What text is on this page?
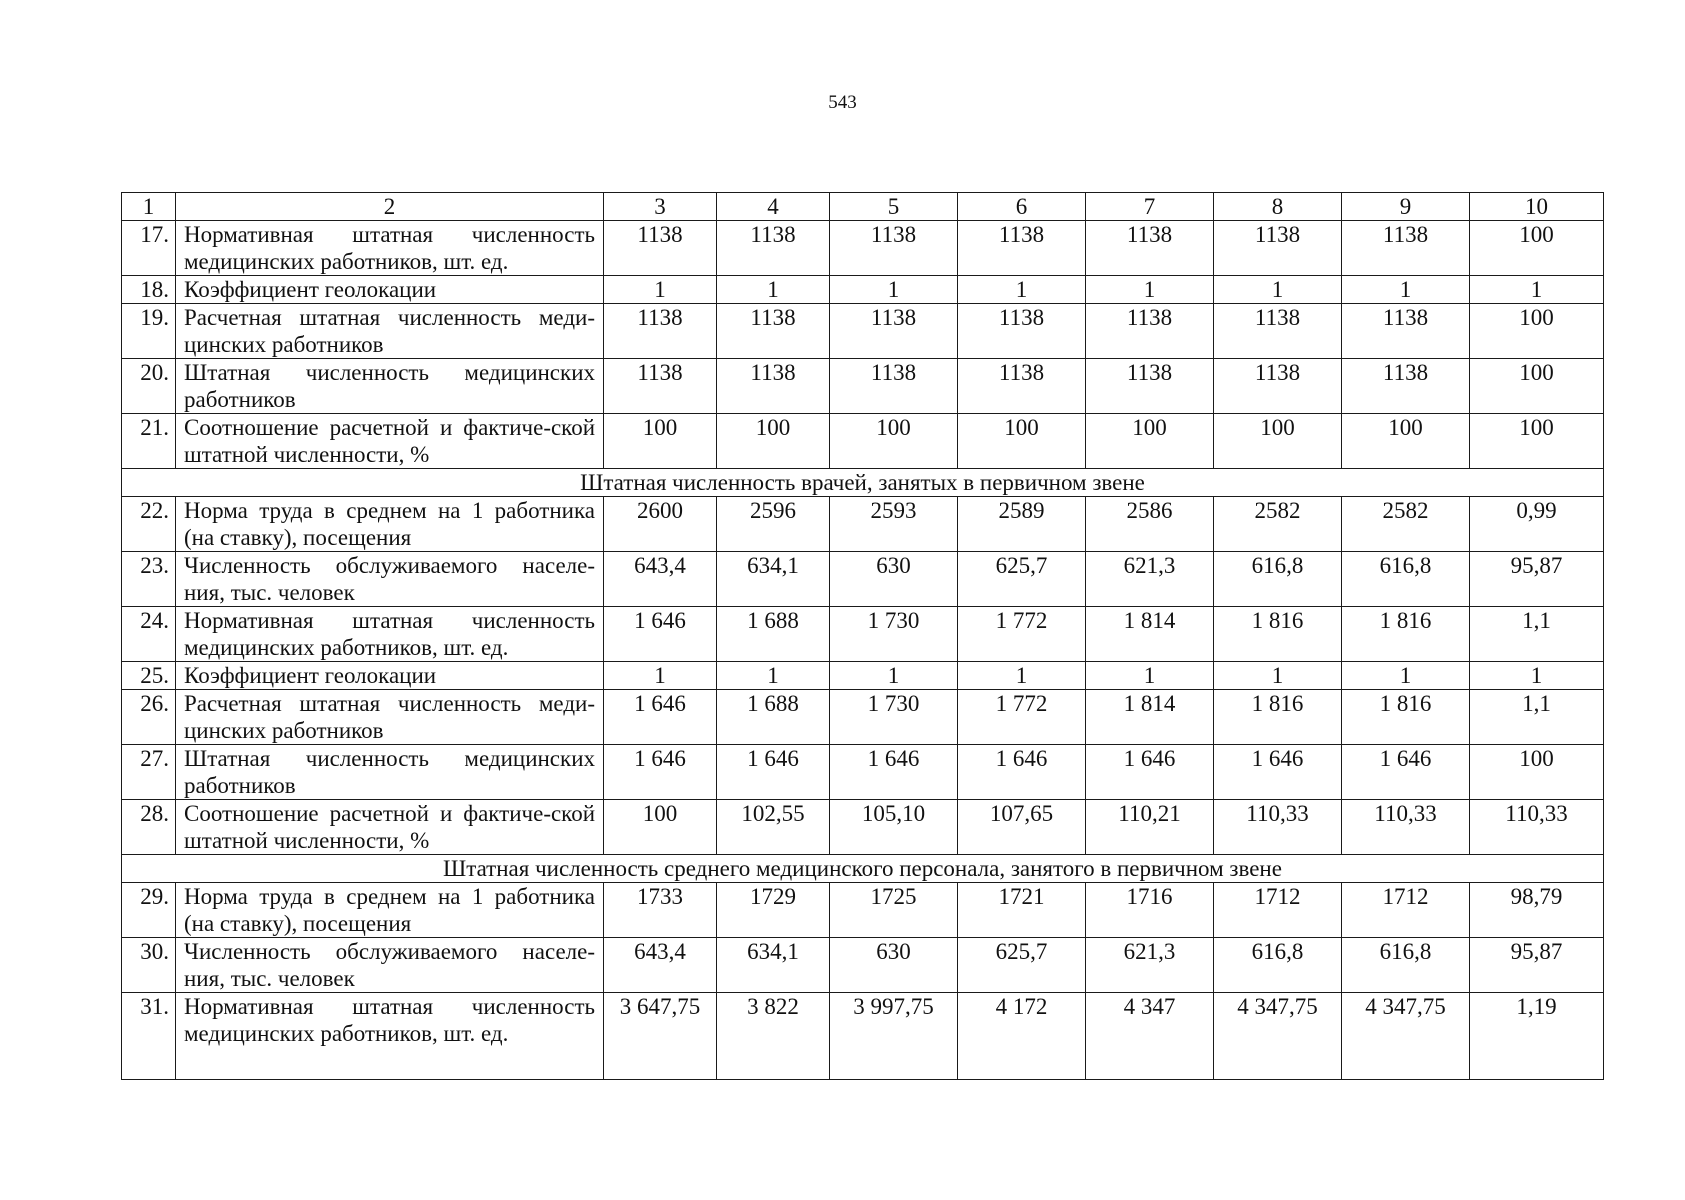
543
1	2	3	4	5	6	7	8	9	10
17.	Нормативная штатная численность медицинских работников, шт. ед.	1138	1138	1138	1138	1138	1138	1138	100
18.	Коэффициент геолокации	1	1	1	1	1	1	1	1
19.	Расчетная штатная численность меди-цинских работников	1138	1138	1138	1138	1138	1138	1138	100
20.	Штатная численность медицинских работников	1138	1138	1138	1138	1138	1138	1138	100
21.	Соотношение расчетной и фактиче-ской штатной численности, %	100	100	100	100	100	100	100	100
Штатная численность врачей, занятых в первичном звене									
22.	Норма труда в среднем на 1 работника (на ставку), посещения	2600	2596	2593	2589	2586	2582	2582	0,99
23.	Численность обслуживаемого населе-ния, тыс. человек	643,4	634,1	630	625,7	621,3	616,8	616,8	95,87
24.	Нормативная штатная численность медицинских работников, шт. ед.	1 646	1 688	1 730	1 772	1 814	1 816	1 816	1,1
25.	Коэффициент геолокации	1	1	1	1	1	1	1	1
26.	Расчетная штатная численность меди-цинских работников	1 646	1 688	1 730	1 772	1 814	1 816	1 816	1,1
27.	Штатная численность медицинских работников	1 646	1 646	1 646	1 646	1 646	1 646	1 646	100
28.	Соотношение расчетной и фактиче-ской штатной численности, %	100	102,55	105,10	107,65	110,21	110,33	110,33	110,33
Штатная численность среднего медицинского персонала, занятого в первичном звене									
29.	Норма труда в среднем на 1 работника (на ставку), посещения	1733	1729	1725	1721	1716	1712	1712	98,79
30.	Численность обслуживаемого населе-ния, тыс. человек	643,4	634,1	630	625,7	621,3	616,8	616,8	95,87
31.	Нормативная штатная численность медицинских работников, шт. ед.	3 647,75	3 822	3 997,75	4 172	4 347	4 347,75	4 347,75	1,19
